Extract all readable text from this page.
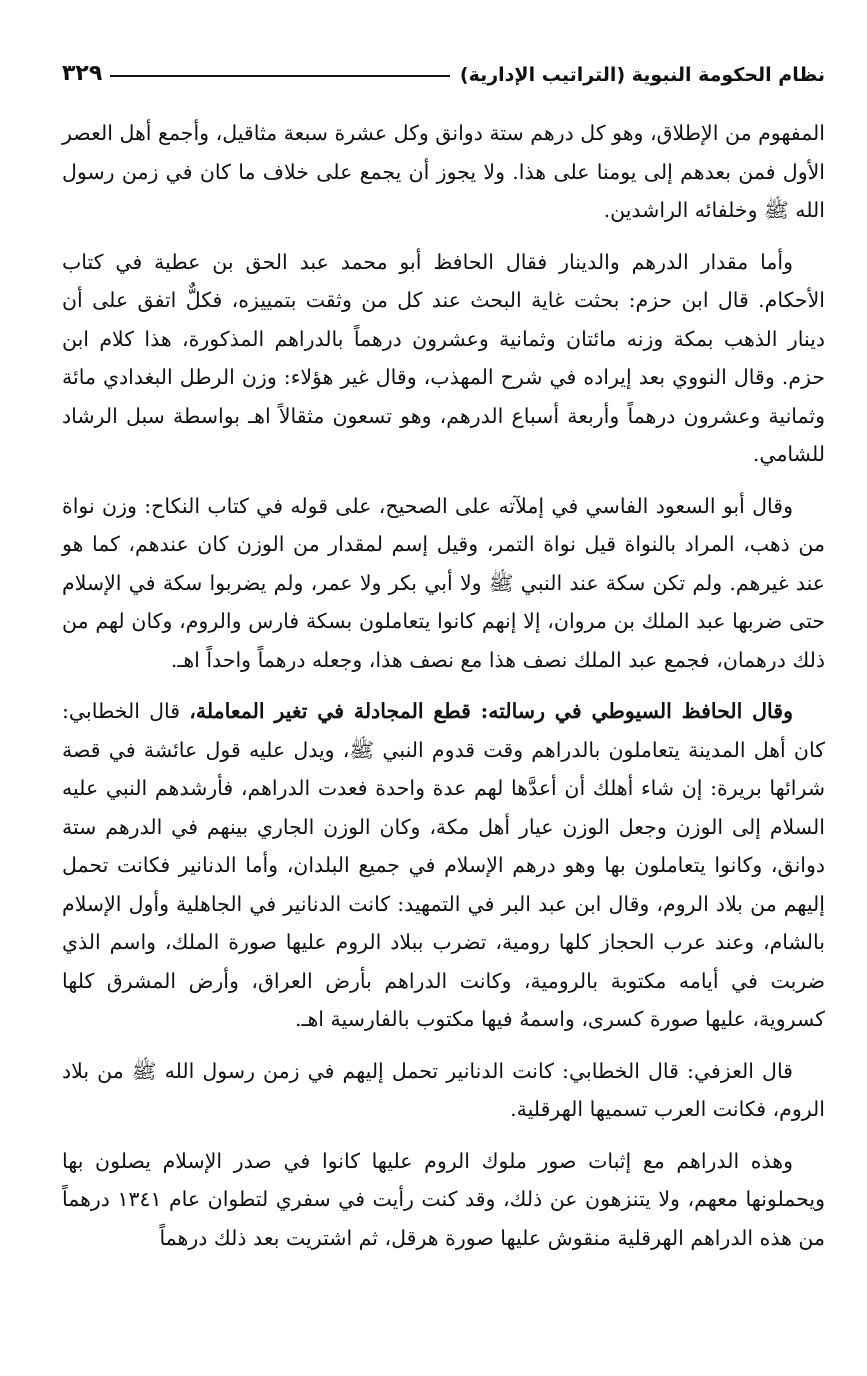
نظام الحكومة النبوية (التراتيب الإدارية)
٣٢٩

المفهوم من الإطلاق، وهو كل درهم ستة دوانق وكل عشرة سبعة مثاقيل، وأجمع أهل العصر الأول فمن بعدهم إلى يومنا على هذا. ولا يجوز أن يجمع على خلاف ما كان في زمن رسول الله ﷺ وخلفائه الراشدين.

وأما مقدار الدرهم والدينار فقال الحافظ أبو محمد عبد الحق بن عطية في كتاب الأحكام. قال ابن حزم: بحثت غاية البحث عند كل من وثقت بتمييزه، فكلٌّ اتفق على أن دينار الذهب بمكة وزنه مائتان وثمانية وعشرون درهماً بالدراهم المذكورة، هذا كلام ابن حزم. وقال النووي بعد إيراده في شرح المهذب، وقال غير هؤلاء: وزن الرطل البغدادي مائة وثمانية وعشرون درهماً وأربعة أسباع الدرهم، وهو تسعون مثقالاً اهـ بواسطة سبل الرشاد للشامي.

وقال أبو السعود الفاسي في إملآته على الصحيح، على قوله في كتاب النكاح: وزن نواة من ذهب، المراد بالنواة قيل نواة التمر، وقيل إسم لمقدار من الوزن كان عندهم، كما هو عند غيرهم. ولم تكن سكة عند النبي ﷺ ولا أبي بكر ولا عمر، ولم يضربوا سكة في الإسلام حتى ضربها عبد الملك بن مروان، إلا إنهم كانوا يتعاملون بسكة فارس والروم، وكان لهم من ذلك درهمان، فجمع عبد الملك نصف هذا مع نصف هذا، وجعله درهماً واحداً اهـ.

وقال الحافظ السيوطي في رسالته: قطع المجادلة في تغير المعاملة، قال الخطابي: كان أهل المدينة يتعاملون بالدراهم وقت قدوم النبي ﷺ، ويدل عليه قول عائشة في قصة شرائها بريرة: إن شاء أهلك أن أعدَّها لهم عدة واحدة فعدت الدراهم، فأرشدهم النبي عليه السلام إلى الوزن وجعل الوزن عيار أهل مكة، وكان الوزن الجاري بينهم في الدرهم ستة دوانق، وكانوا يتعاملون بها وهو درهم الإسلام في جميع البلدان، وأما الدنانير فكانت تحمل إليهم من بلاد الروم، وقال ابن عبد البر في التمهيد: كانت الدنانير في الجاهلية وأول الإسلام بالشام، وعند عرب الحجاز كلها رومية، تضرب ببلاد الروم عليها صورة الملك، واسم الذي ضربت في أيامه مكتوبة بالرومية، وكانت الدراهم بأرض العراق، وأرض المشرق كلها كسروية، عليها صورة كسرى، واسمهُ فيها مكتوب بالفارسية اهـ.

قال العزفي: قال الخطابي: كانت الدنانير تحمل إليهم في زمن رسول الله ﷺ من بلاد الروم، فكانت العرب تسميها الهرقلية.

وهذه الدراهم مع إثبات صور ملوك الروم عليها كانوا في صدر الإسلام يصلون بها ويحملونها معهم، ولا يتنزهون عن ذلك، وقد كنت رأيت في سفري لتطوان عام ١٣٤١ درهماً من هذه الدراهم الهرقلية منقوش عليها صورة هرقل، ثم اشتريت بعد ذلك درهماً
